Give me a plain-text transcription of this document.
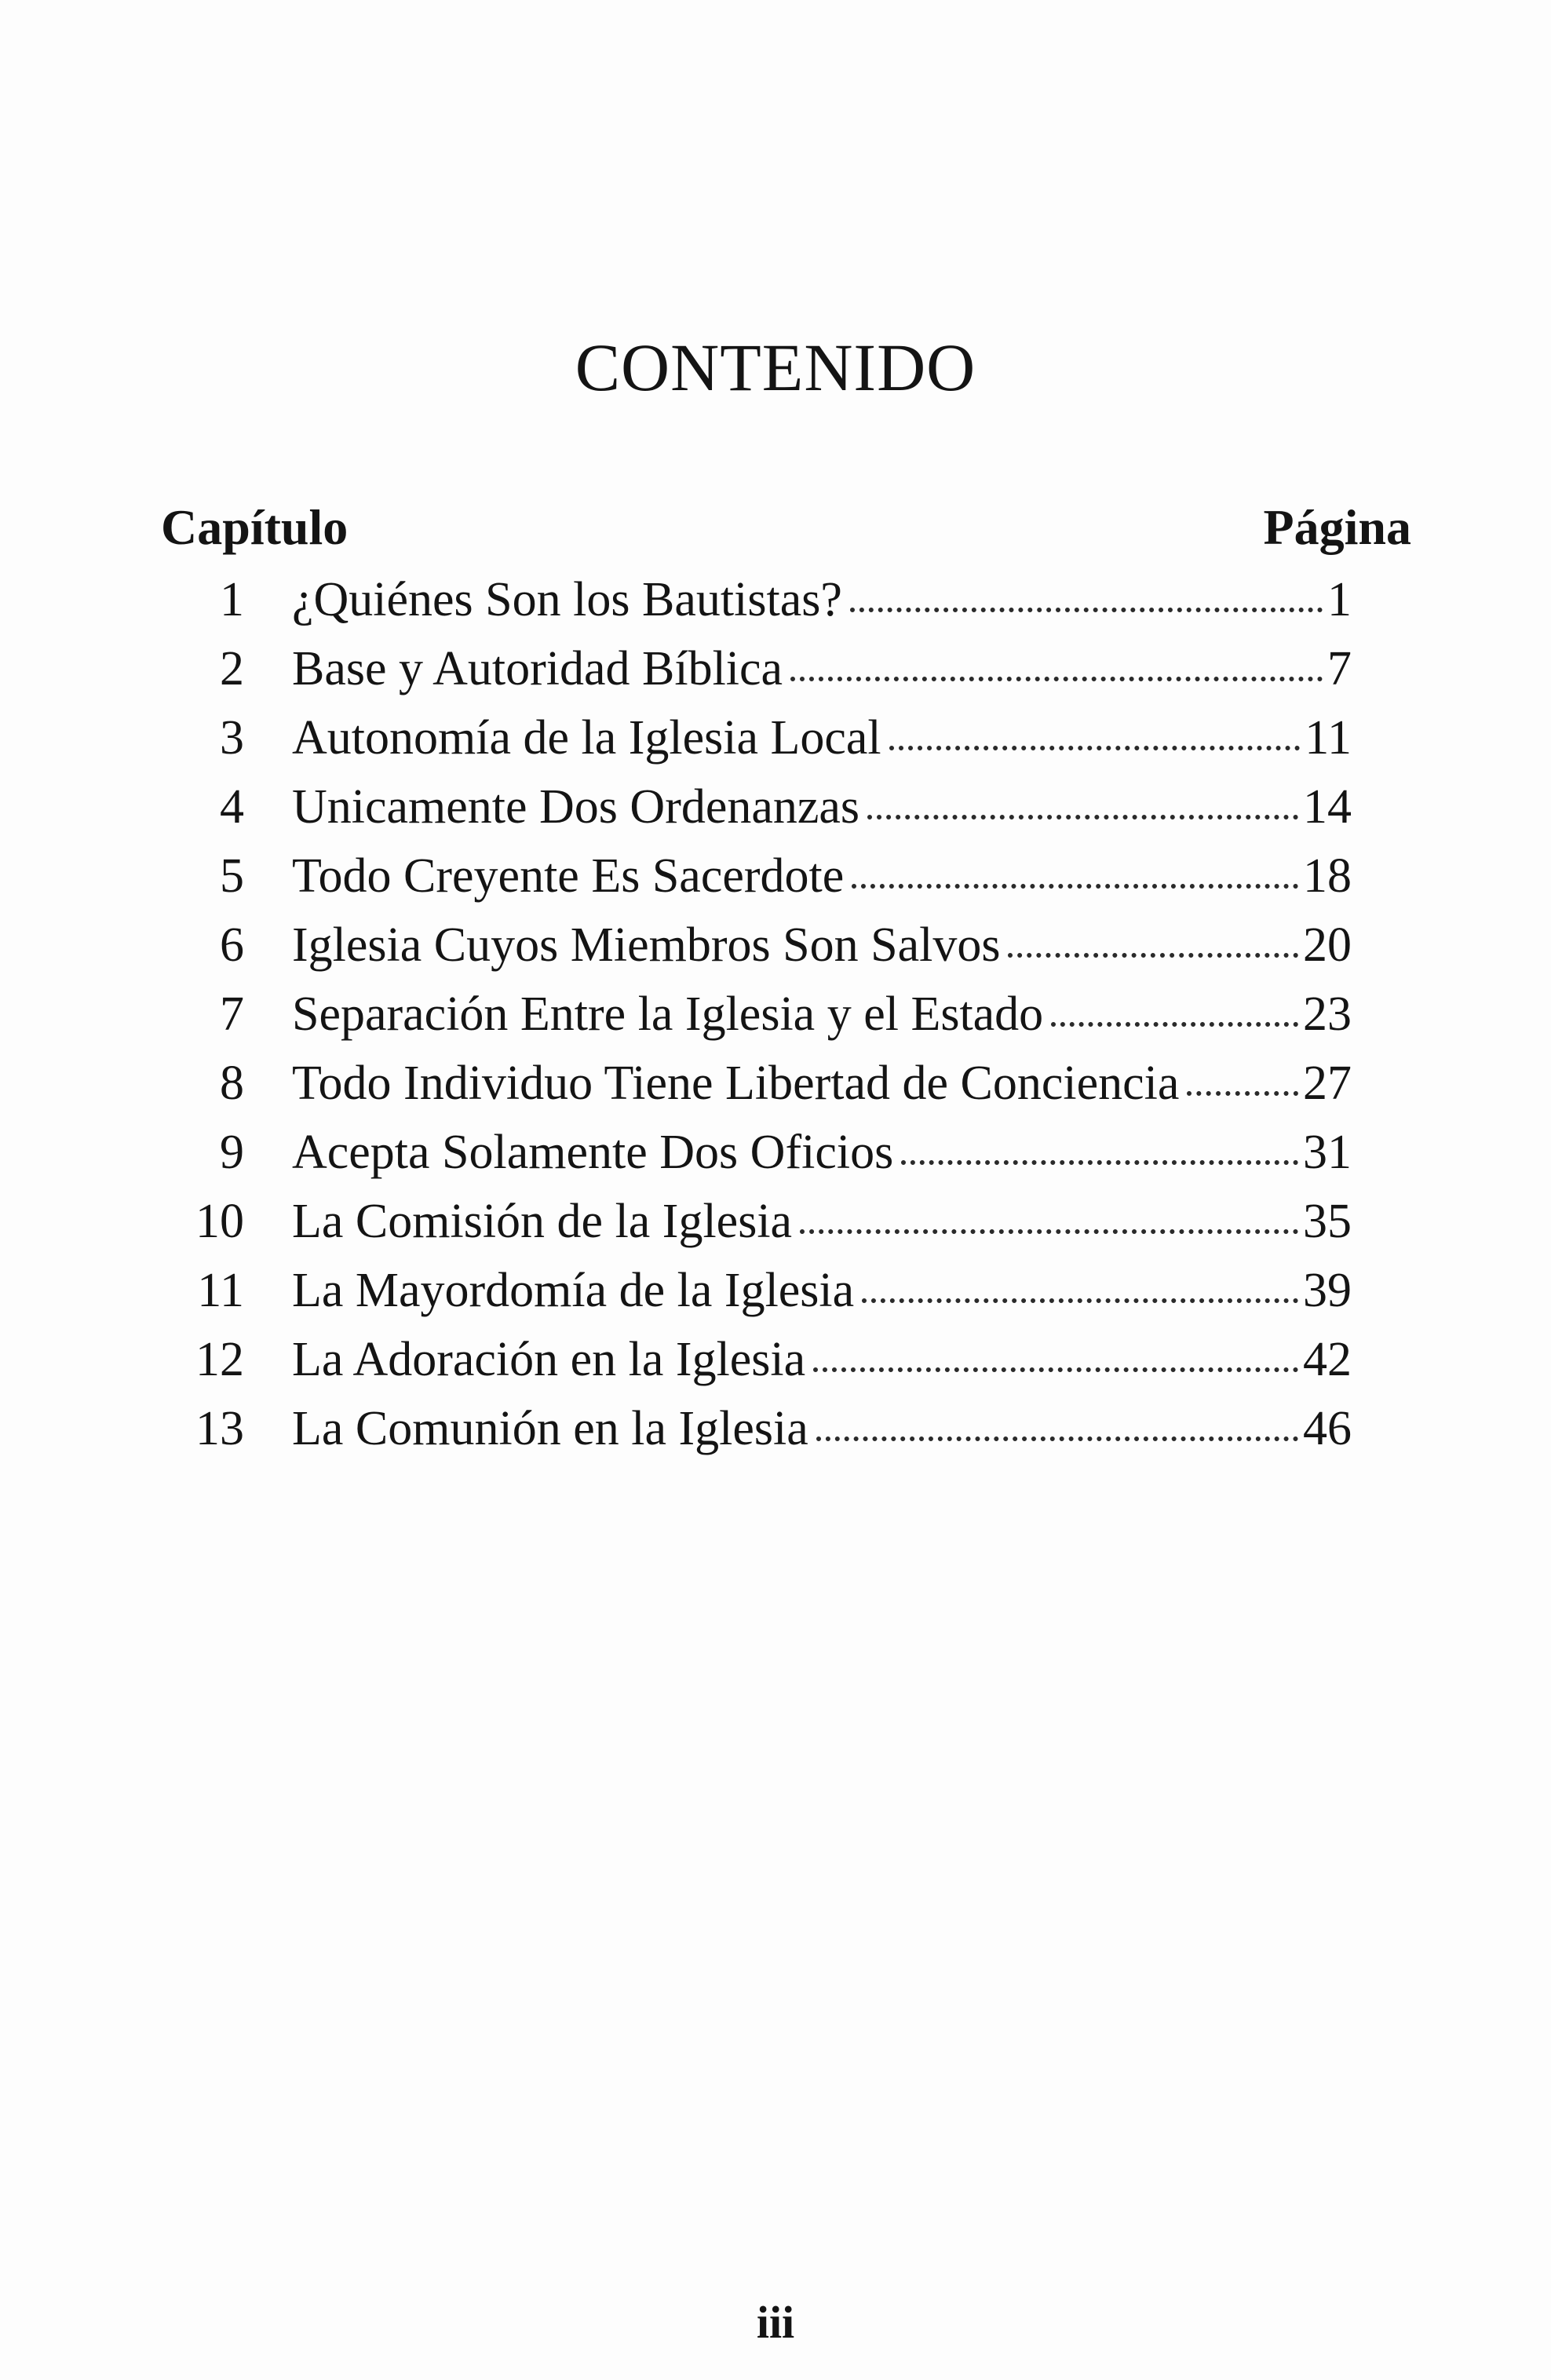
CONTENIDO
Capítulo	Página
1 ¿Quiénes Son los Bautistas?	1
2 Base y Autoridad Bíblica	7
3 Autonomía de la Iglesia Local	11
4 Unicamente Dos Ordenanzas	14
5 Todo Creyente Es Sacerdote	18
6 Iglesia Cuyos Miembros Son Salvos	20
7 Separación Entre la Iglesia y el Estado	23
8 Todo Individuo Tiene Libertad de Conciencia	27
9 Acepta Solamente Dos Oficios	31
10 La Comisión de la Iglesia	35
11 La Mayordomía de la Iglesia	39
12 La Adoración en la Iglesia	42
13 La Comunión en la Iglesia	46
iii
